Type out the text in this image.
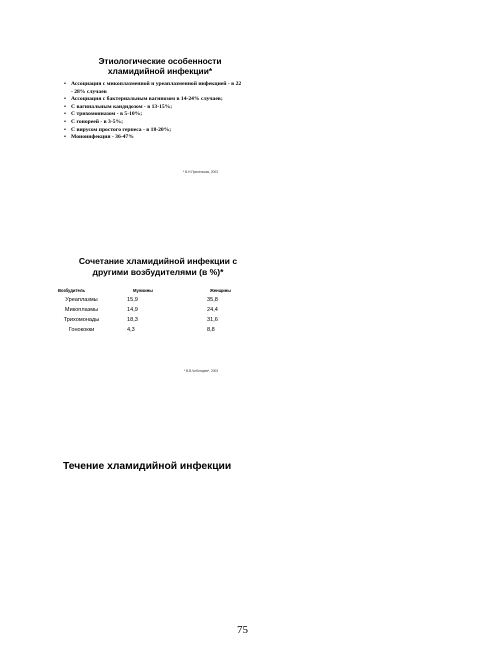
Этиологические особенности
хламидийной инфекции*
• Ассоциация с микоплазменной и уреаплазменной инфекцией - в 22 - 28% случаев
• Ассоциация с бактериальным вагинозом в 14-24% случаев;
• С вагинальным кандидозом - в 13-15%;
• С трихомониазом - в 5-10%;
• С гонореей - в 3-5%;
• С вирусом простого герпеса - в 18-20%;
• Моноинфекция - 36-47%
* В.Н.Прилепская, 2003
Сочетание хламидийной инфекции с
другими возбудителями (в %)*
Возбудитель	Мужчины	Женщины
Уреаплазмы	15,9	35,8
Микоплазмы	14,9	24,4
Трихомонады	18,3	31,6
Гонококки	4,3	8,8
* В.В.Чеботарев*, 2003
Течение хламидийной инфекции
75
